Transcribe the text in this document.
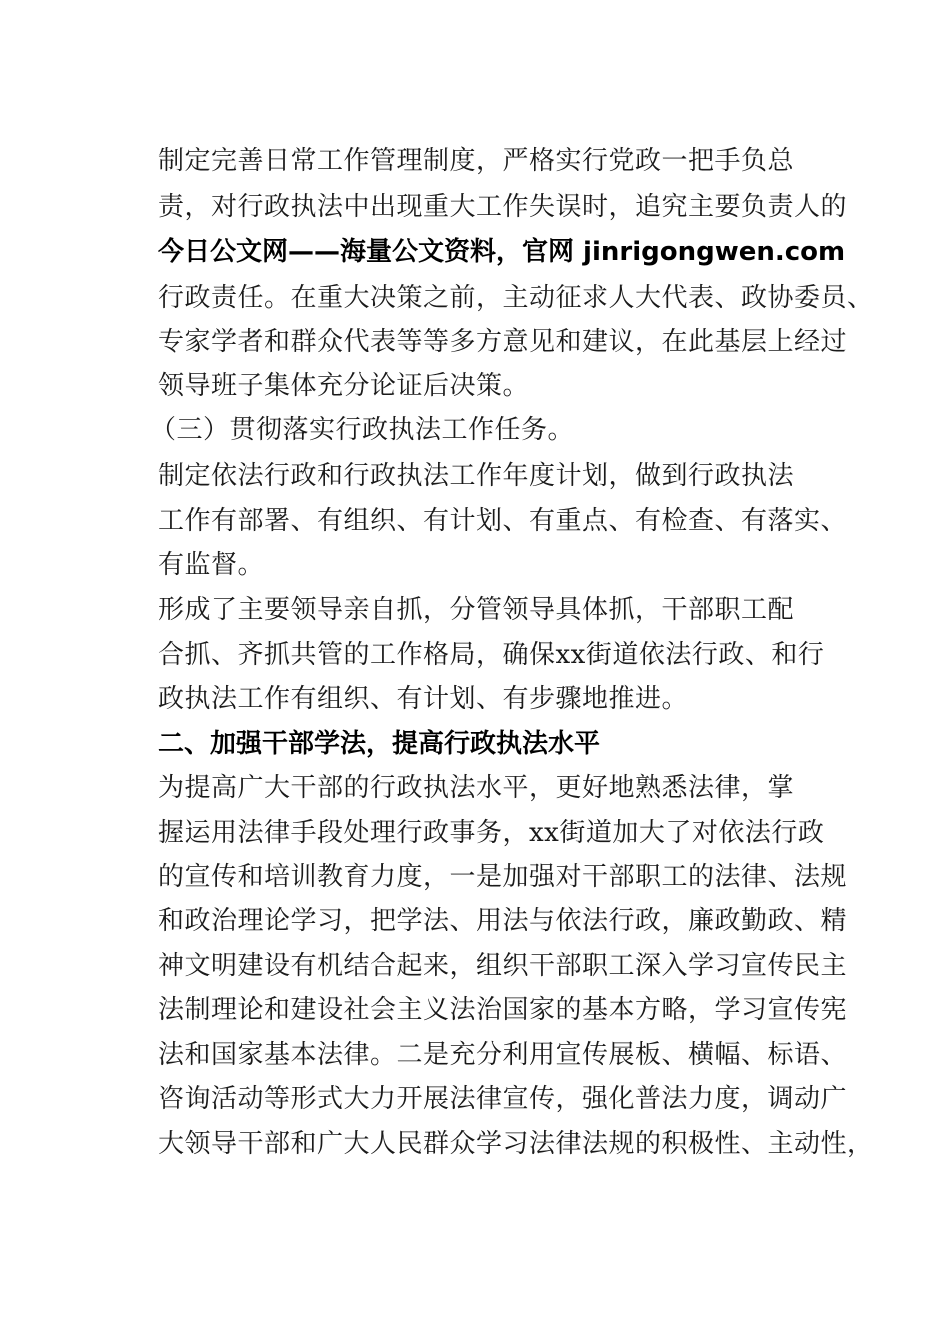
制定完善日常工作管理制度，严格实行党政一把手负总
责，对行政执法中出现重大工作失误时，追究主要负责人的
今日公文网——海量公文资料，官网 jinrigongwen.com
行政责任。在重大决策之前，主动征求人大代表、政协委员、
专家学者和群众代表等等多方意见和建议，在此基层上经过
领导班子集体充分论证后决策。
（三）贯彻落实行政执法工作任务。
制定依法行政和行政执法工作年度计划，做到行政执法
工作有部署、有组织、有计划、有重点、有检查、有落实、
有监督。
形成了主要领导亲自抓，分管领导具体抓，干部职工配
合抓、齐抓共管的工作格局，确保xx街道依法行政、和行
政执法工作有组织、有计划、有步骤地推进。
二、加强干部学法，提高行政执法水平
为提高广大干部的行政执法水平，更好地熟悉法律，掌
握运用法律手段处理行政事务，xx街道加大了对依法行政
的宣传和培训教育力度，一是加强对干部职工的法律、法规
和政治理论学习，把学法、用法与依法行政，廉政勤政、精
神文明建设有机结合起来，组织干部职工深入学习宣传民主
法制理论和建设社会主义法治国家的基本方略，学习宣传宪
法和国家基本法律。二是充分利用宣传展板、横幅、标语、
咨询活动等形式大力开展法律宣传，强化普法力度，调动广
大领导干部和广大人民群众学习法律法规的积极性、主动性，
